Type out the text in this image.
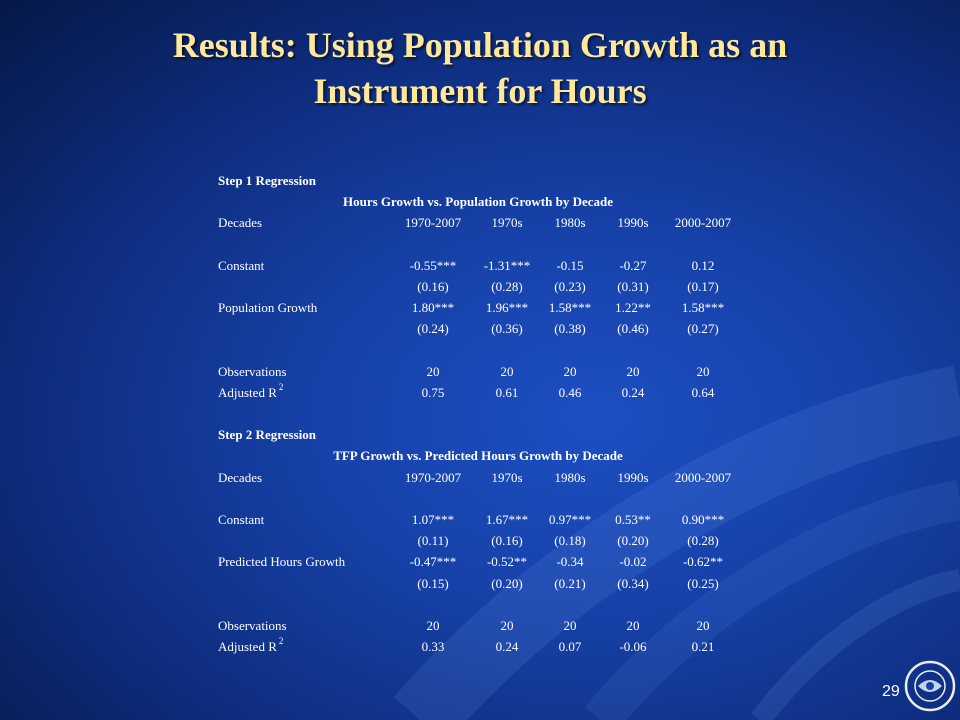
Results: Using Population Growth as an
Instrument for Hours
Step 1 Regression
Hours Growth vs. Population Growth by Decade
Decades	1970-2007	1970s	1980s	1990s	2000-2007
Constant	-0.55***	-1.31***	-0.15	-0.27	0.12
(0.16)	(0.28)	(0.23)	(0.31)	(0.17)
Population Growth	1.80***	1.96***	1.58***	1.22**	1.58***
(0.24)	(0.36)	(0.38)	(0.46)	(0.27)
Observations	20	20	20	20	20
Adjusted R $^2$	0.75	0.61	0.46	0.24	0.64
Step 2 Regression
TFP Growth vs. Predicted Hours Growth by Decade
Decades	1970-2007	1970s	1980s	1990s	2000-2007
Constant	1.07***	1.67***	0.97***	0.53**	0.90***
(0.11)	(0.16)	(0.18)	(0.20)	(0.28)
Predicted Hours Growth	-0.47***	-0.52**	-0.34	-0.02	-0.62**
(0.15)	(0.20)	(0.21)	(0.34)	(0.25)
Observations	20	20	20	20	20
Adjusted R $^2$	0.33	0.24	0.07	-0.06	0.21
29
